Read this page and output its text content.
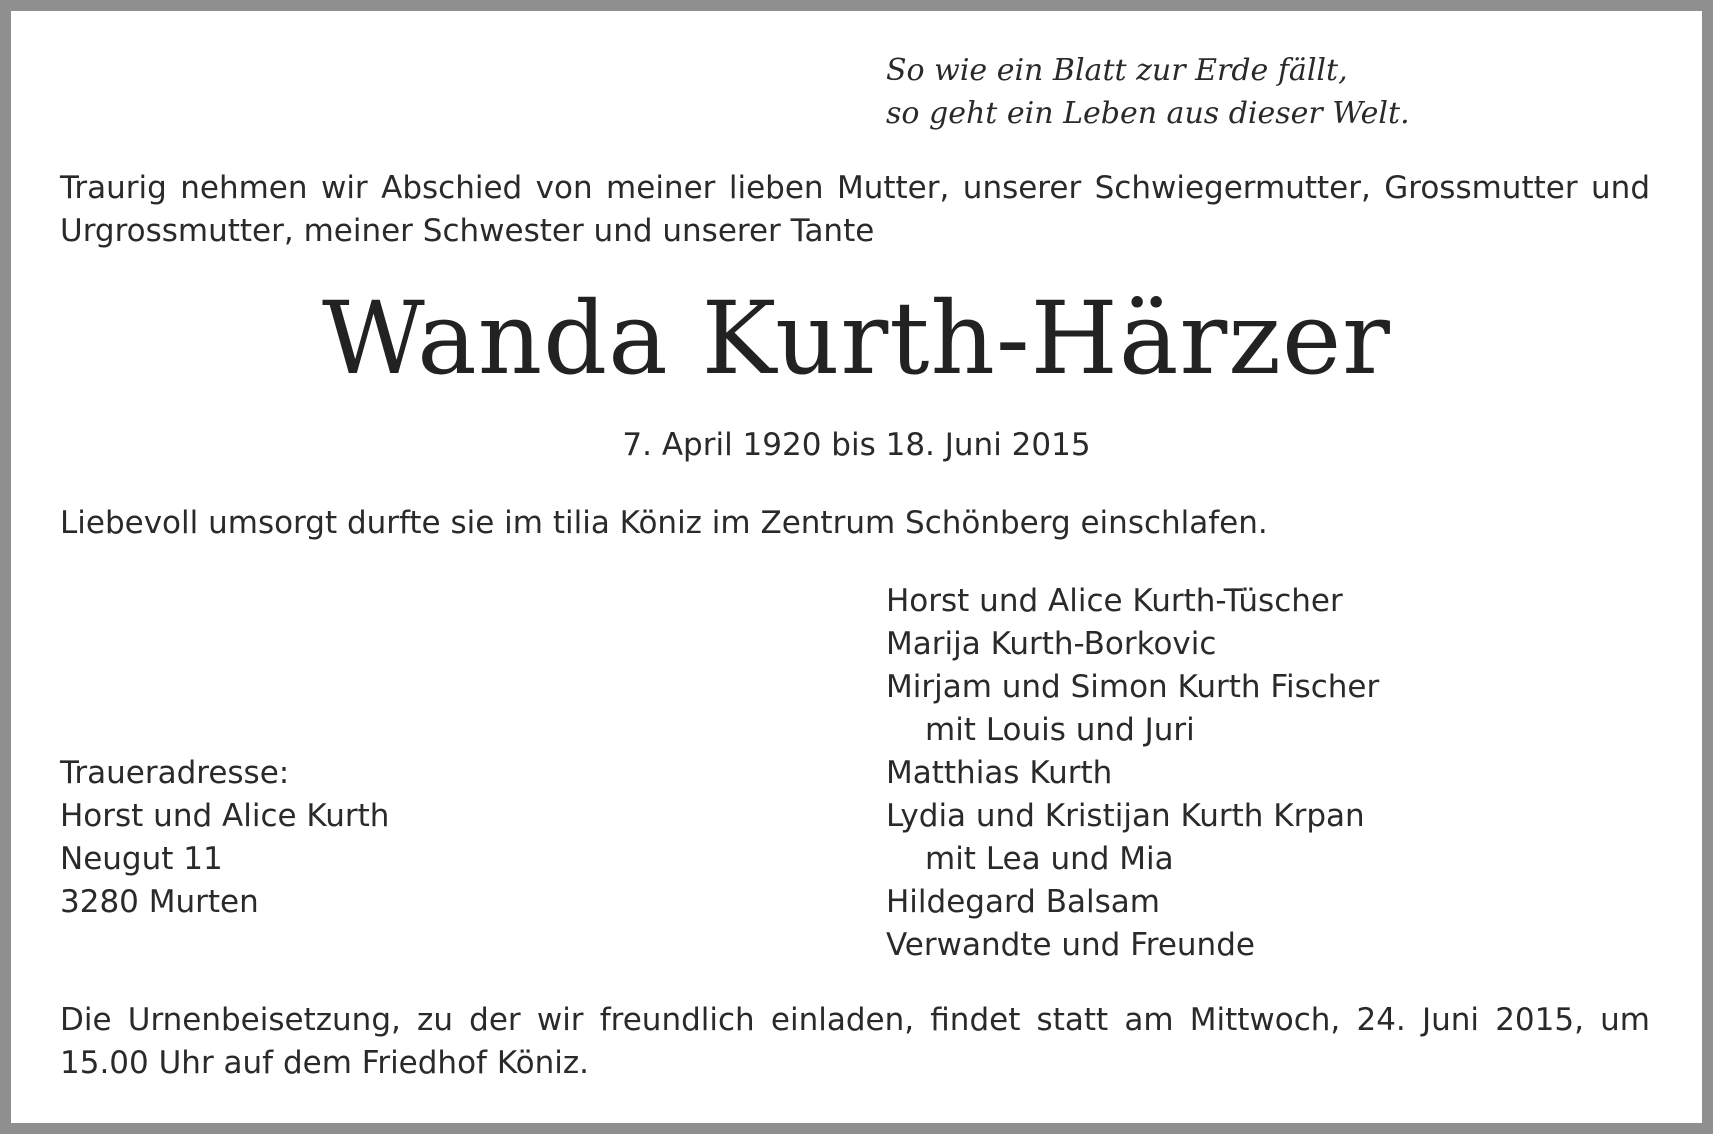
So wie ein Blatt zur Erde fällt,
so geht ein Leben aus dieser Welt.
Traurig nehmen wir Abschied von meiner lieben Mutter, unserer Schwiegermutter, Grossmutter und Urgrossmutter, meiner Schwester und unserer Tante
Wanda Kurth-Härzer
7. April 1920 bis 18. Juni 2015
Liebevoll umsorgt durfte sie im tilia Köniz im Zentrum Schönberg einschlafen.
Horst und Alice Kurth-Tüscher
Marija Kurth-Borkovic
Mirjam und Simon Kurth Fischer
mit Louis und Juri
Matthias Kurth
Lydia und Kristijan Kurth Krpan
mit Lea und Mia
Hildegard Balsam
Verwandte und Freunde
Traueradresse:
Horst und Alice Kurth
Neugut 11
3280 Murten
Die Urnenbeisetzung, zu der wir freundlich einladen, findet statt am Mittwoch, 24. Juni 2015, um 15.00 Uhr auf dem Friedhof Köniz.
